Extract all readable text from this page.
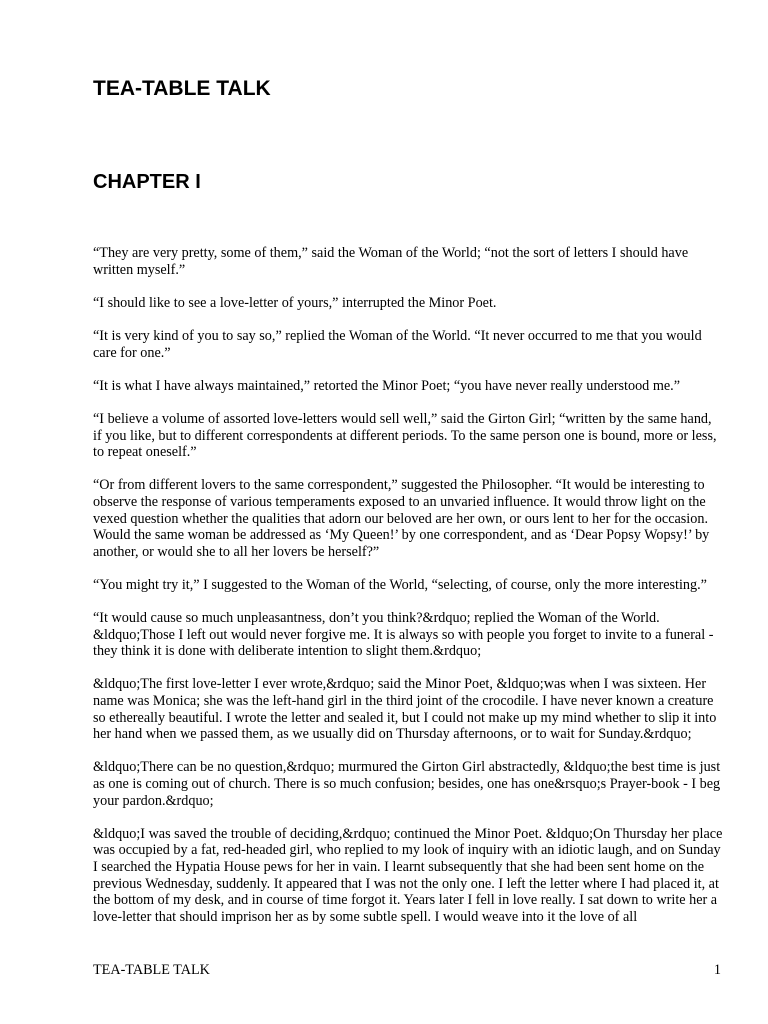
TEA-TABLE TALK
CHAPTER I

“They are very pretty, some of them,” said the Woman of the World; “not the sort of letters I should have written myself.”

“I should like to see a love-letter of yours,” interrupted the Minor Poet.

“It is very kind of you to say so,” replied the Woman of the World. “It never occurred to me that you would care for one.”

“It is what I have always maintained,” retorted the Minor Poet; “you have never really understood me.”

“I believe a volume of assorted love-letters would sell well,” said the Girton Girl; “written by the same hand, if you like, but to different correspondents at different periods. To the same person one is bound, more or less, to repeat oneself.”

“Or from different lovers to the same correspondent,” suggested the Philosopher. “It would be interesting to observe the response of various temperaments exposed to an unvaried influence. It would throw light on the vexed question whether the qualities that adorn our beloved are her own, or ours lent to her for the occasion. Would the same woman be addressed as ‘My Queen!’ by one correspondent, and as ‘Dear Popsy Wopsy!’ by another, or would she to all her lovers be herself?”

“You might try it,” I suggested to the Woman of the World, “selecting, of course, only the more interesting.”

“It would cause so much unpleasantness, don’t you think?&rdquo; replied the Woman of the World. &ldquo;Those I left out would never forgive me. It is always so with people you forget to invite to a funeral - they think it is done with deliberate intention to slight them.&rdquo;

&ldquo;The first love-letter I ever wrote,&rdquo; said the Minor Poet, &ldquo;was when I was sixteen. Her name was Monica; she was the left-hand girl in the third joint of the crocodile. I have never known a creature so ethereally beautiful. I wrote the letter and sealed it, but I could not make up my mind whether to slip it into her hand when we passed them, as we usually did on Thursday afternoons, or to wait for Sunday.&rdquo;

&ldquo;There can be no question,&rdquo; murmured the Girton Girl abstractedly, &ldquo;the best time is just as one is coming out of church. There is so much confusion; besides, one has one&rsquo;s Prayer-book - I beg your pardon.&rdquo;

&ldquo;I was saved the trouble of deciding,&rdquo; continued the Minor Poet. &ldquo;On Thursday her place was occupied by a fat, red-headed girl, who replied to my look of inquiry with an idiotic laugh, and on Sunday I searched the Hypatia House pews for her in vain. I learnt subsequently that she had been sent home on the previous Wednesday, suddenly. It appeared that I was not the only one. I left the letter where I had placed it, at the bottom of my desk, and in course of time forgot it. Years later I fell in love really. I sat down to write her a love-letter that should imprison her as by some subtle spell. I would weave into it the love of all

TEA-TABLE TALK	1
